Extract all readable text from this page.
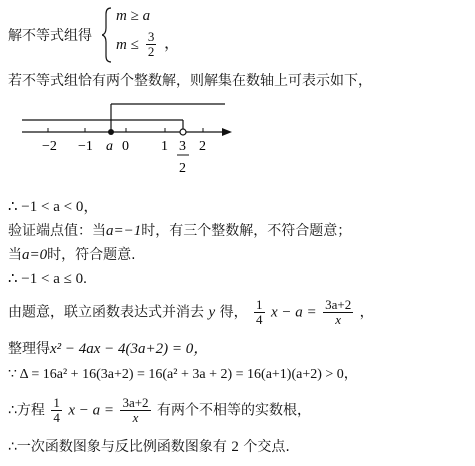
解不等式组得
m ≥ a
$m \le \frac{3}{2}$ ，
若不等式组恰有两个整数解，则解集在数轴上可表示如下，
−2 −1 a 0 1 3
2
2
∴ −1 < a < 0，
验证端点值：当a=−1时，有三个整数解，不符合题意；
当a=0时，符合题意.
∴ −1 < a ≤ 0.
由题意，联立函数表达式并消去 y 得， $\frac{1}{4}$ $x - a = \frac{3a+2}{x}$ ，
整理得x² − 4ax − 4(3a+2) = 0，
∵ Δ = 16a² + 16(3a+2) = 16(a² + 3a + 2) = 16(a+1)(a+2) > 0，
∴方程 $\frac{1}{4}$ $x - a = \frac{3a+2}{x}$ 有两个不相等的实数根，
∴一次函数图象与反比例函数图象有 2 个交点.
